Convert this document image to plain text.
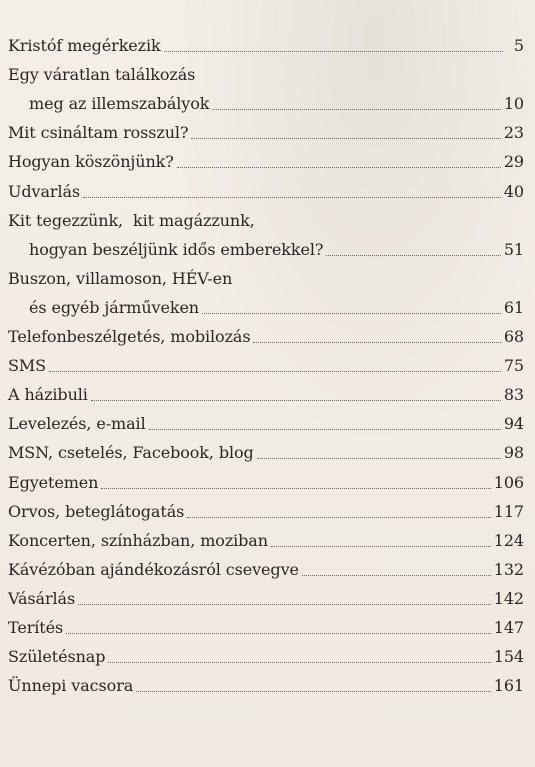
Kristóf megérkezik	5
Egy váratlan találkozás
meg az illemszabályok	10
Mit csináltam rosszul?	23
Hogyan köszönjünk?	29
Udvarlás	40
Kit tegezzünk,  kit magázzunk,
hogyan beszéljünk idős emberekkel?	51
Buszon, villamoson, HÉV-en
és egyéb járműveken	61
Telefonbeszélgetés, mobilozás	68
SMS	75
A házibuli	83
Levelezés, e-mail	94
MSN, csetelés, Facebook, blog	98
Egyetemen	106
Orvos, beteglátogatás	117
Koncerten, színházban, moziban	124
Kávézóban ajándékozásról csevegve	132
Vásárlás	142
Terítés	147
Születésnap	154
Ünnepi vacsora	161
